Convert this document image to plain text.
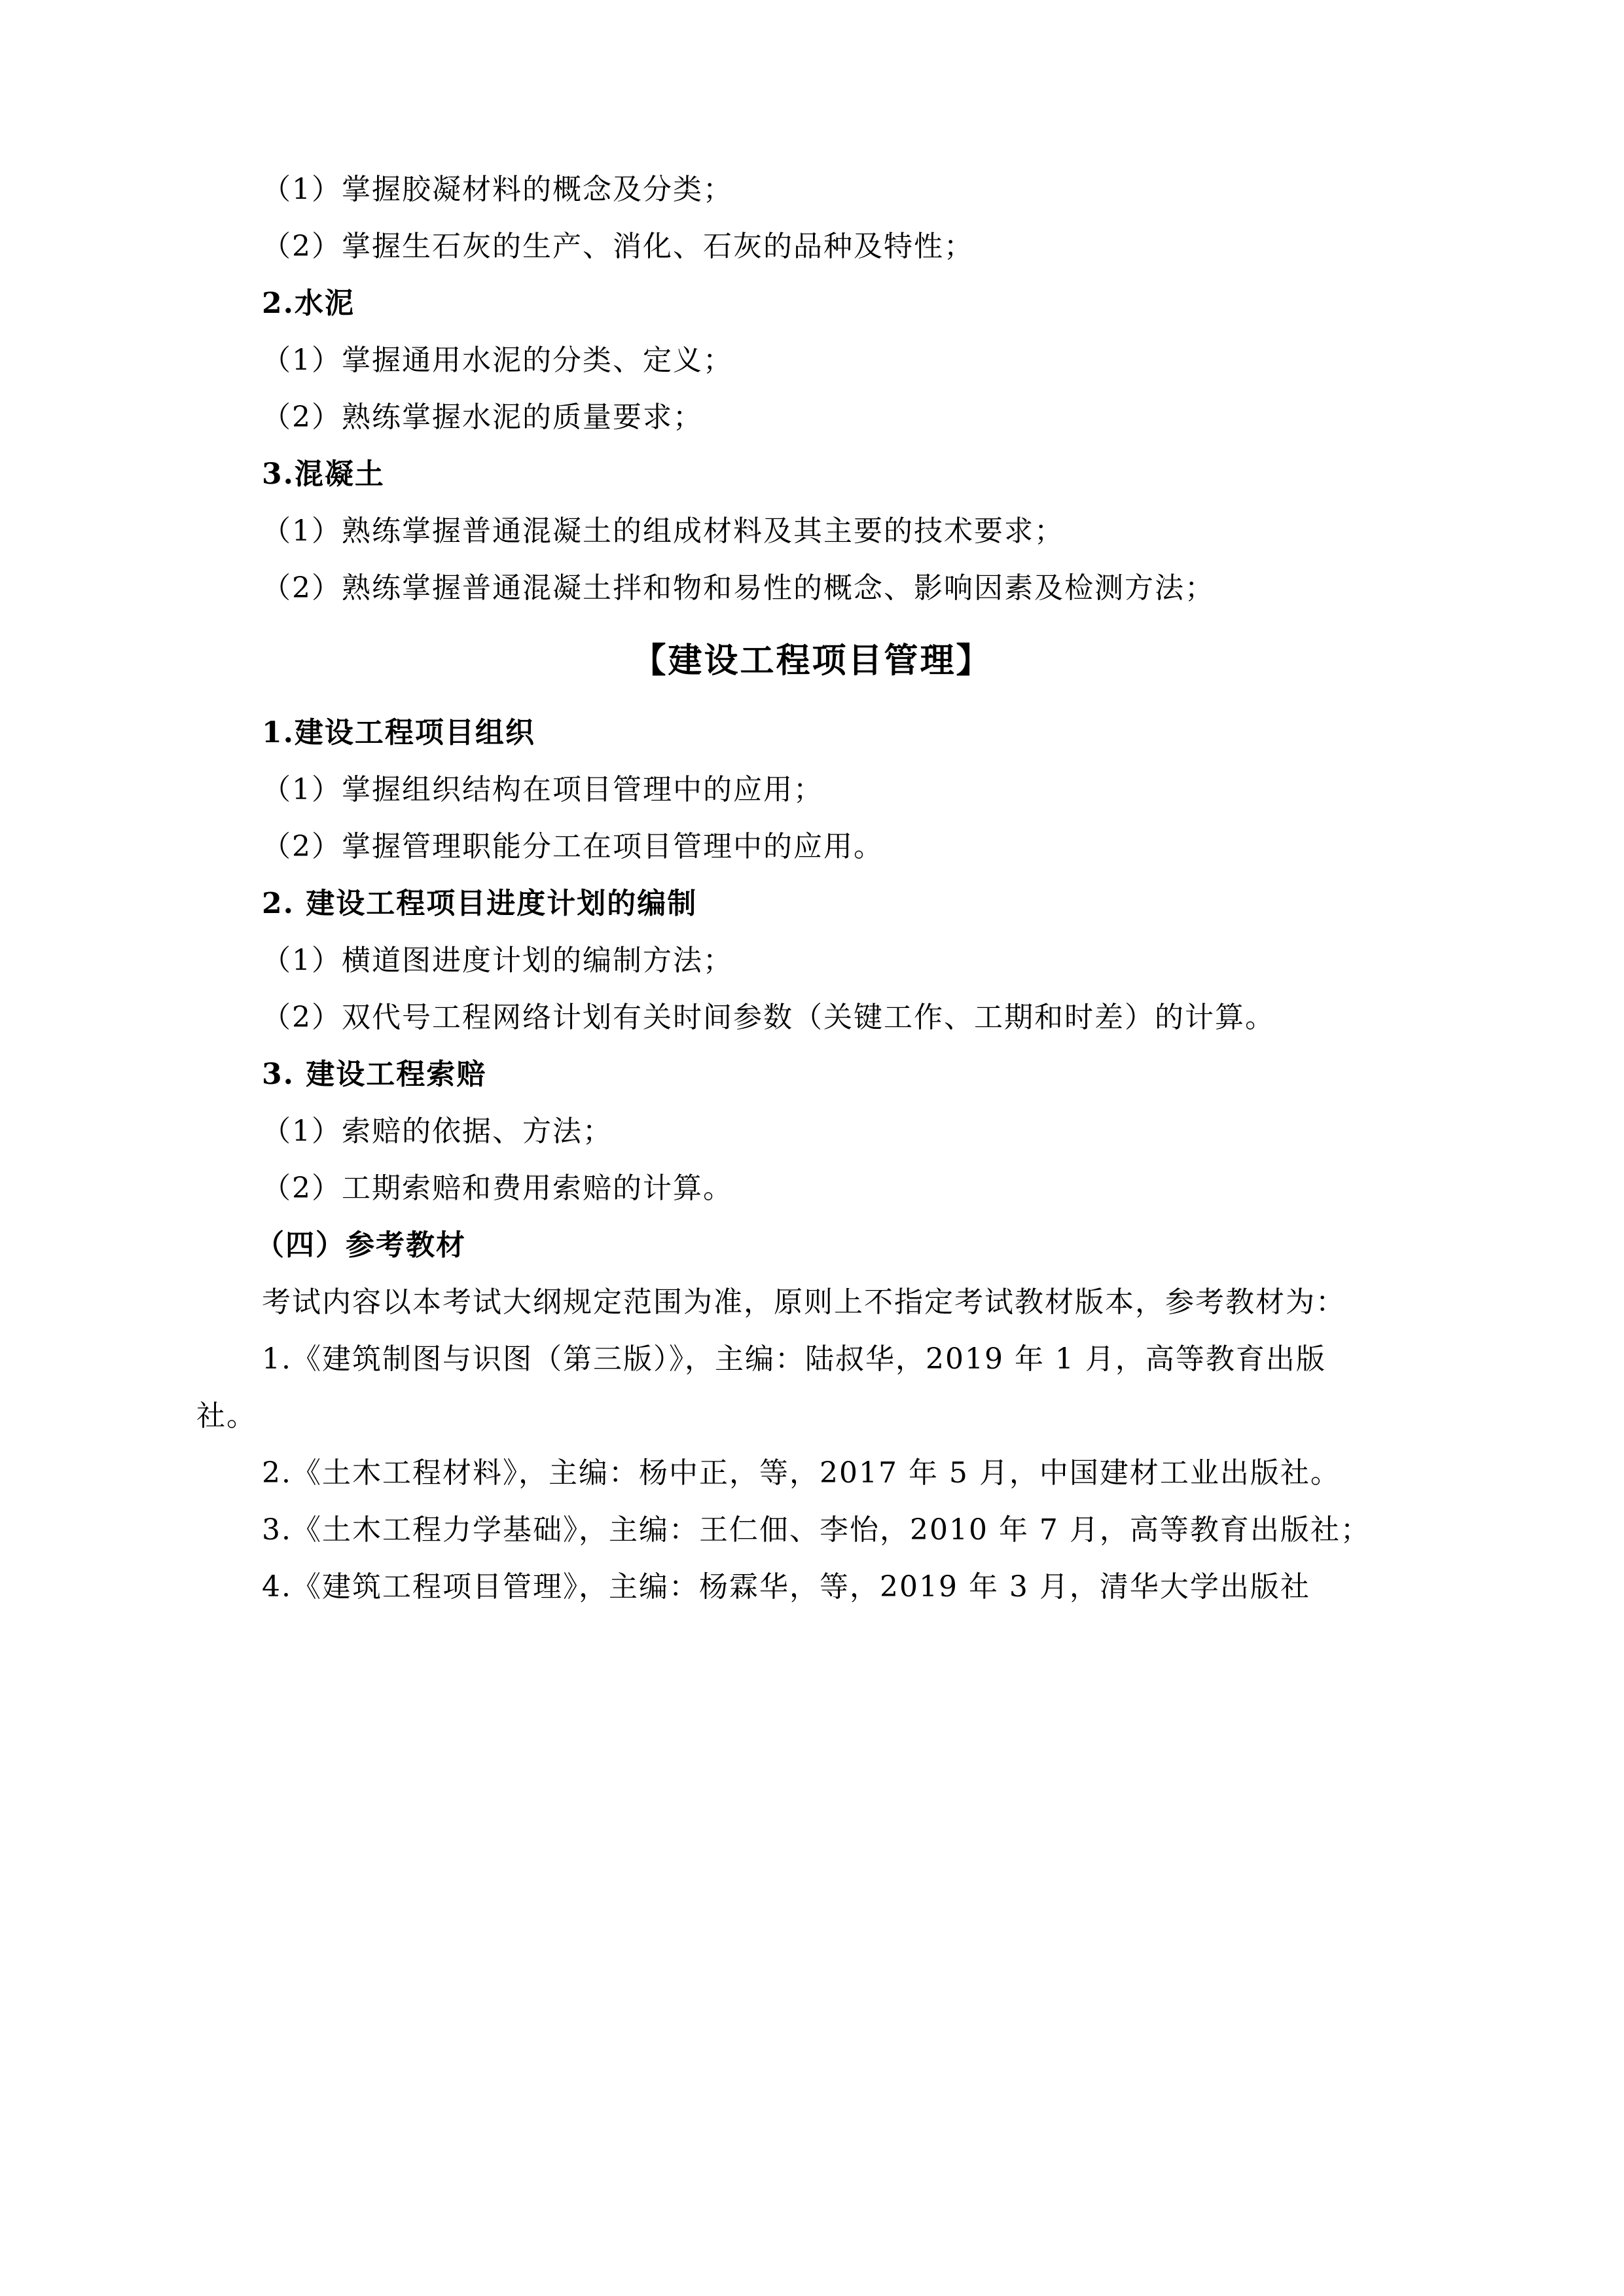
（1）掌握胶凝材料的概念及分类；
（2）掌握生石灰的生产、消化、石灰的品种及特性；
2.水泥
（1）掌握通用水泥的分类、定义；
（2）熟练掌握水泥的质量要求；
3.混凝土
（1）熟练掌握普通混凝土的组成材料及其主要的技术要求；
（2）熟练掌握普通混凝土拌和物和易性的概念、影响因素及检测方法；
【建设工程项目管理】
1.建设工程项目组织
（1）掌握组织结构在项目管理中的应用；
（2）掌握管理职能分工在项目管理中的应用。
2. 建设工程项目进度计划的编制
（1）横道图进度计划的编制方法；
（2）双代号工程网络计划有关时间参数（关键工作、工期和时差）的计算。
3. 建设工程索赔
（1）索赔的依据、方法；
（2）工期索赔和费用索赔的计算。
（四）参考教材
考试内容以本考试大纲规定范围为准，原则上不指定考试教材版本，参考教材为：
1.《建筑制图与识图（第三版）》，主编：陆叔华，2019 年 1 月，高等教育出版
社。
2.《土木工程材料》，主编：杨中正，等，2017 年 5 月，中国建材工业出版社。
3.《土木工程力学基础》，主编：王仁佃、李怡，2010 年 7 月，高等教育出版社；
4.《建筑工程项目管理》，主编：杨霖华，等，2019 年 3 月，清华大学出版社
